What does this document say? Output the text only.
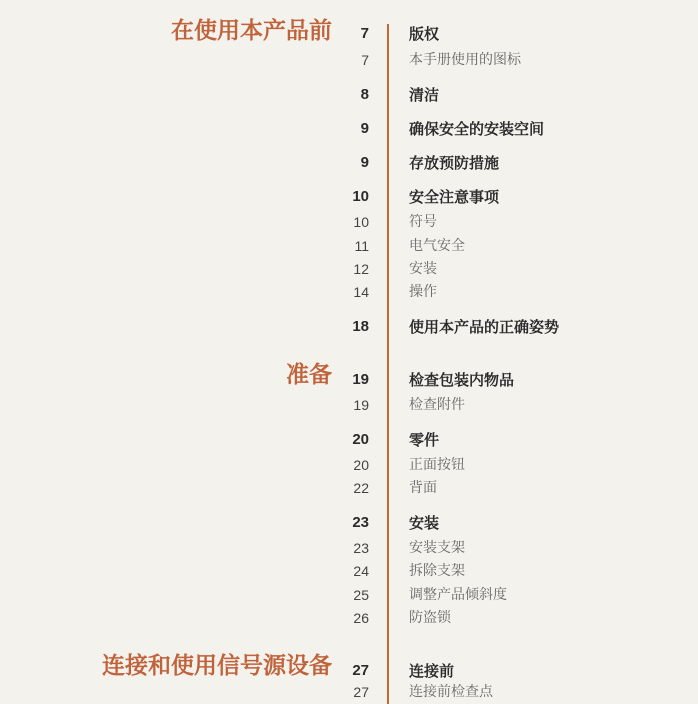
在使用本产品前 7	版权
7	本手册使用的图标
8	清洁
9	确保安全的安装空间
9	存放预防措施
10	安全注意事项
10	符号
11	电气安全
12	安装
14	操作
18	使用本产品的正确姿势
准备 19	检查包装内物品
19	检查附件
20	零件
20	正面按钮
22	背面
23	安装
23	安装支架
24	拆除支架
25	调整产品倾斜度
26	防盗锁
连接和使用信号源设备 27	连接前
27	连接前检查点
